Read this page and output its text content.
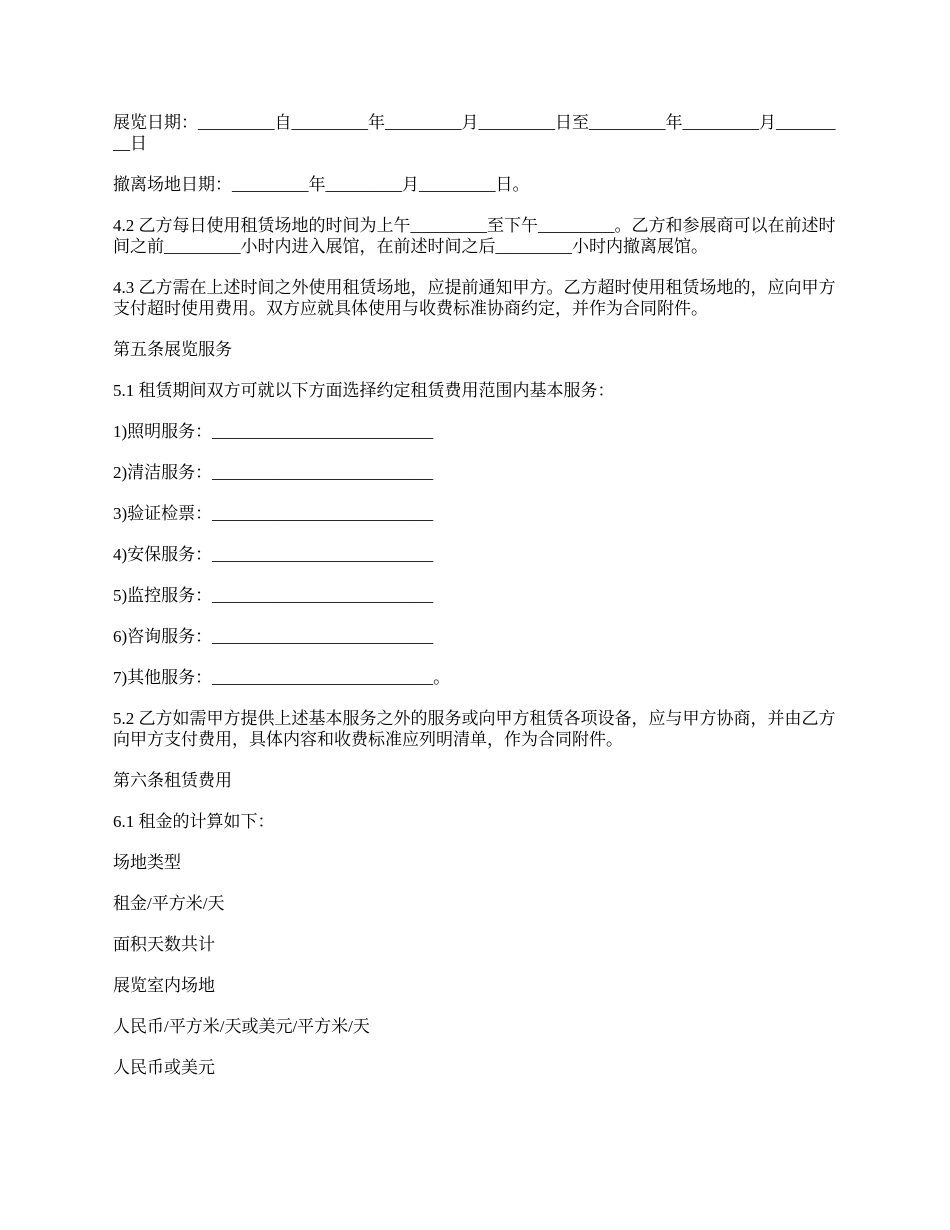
展览日期：_________自_________年_________月_________日至_________年_________月_________日

撤离场地日期：_________年_________月_________日。

4.2 乙方每日使用租赁场地的时间为上午_________至下午_________。乙方和参展商可以在前述时间之前_________小时内进入展馆，在前述时间之后_________小时内撤离展馆。

4.3 乙方需在上述时间之外使用租赁场地，应提前通知甲方。乙方超时使用租赁场地的，应向甲方支付超时使用费用。双方应就具体使用与收费标准协商约定，并作为合同附件。

第五条展览服务

5.1 租赁期间双方可就以下方面选择约定租赁费用范围内基本服务：

1)照明服务：__________________________

2)清洁服务：__________________________

3)验证检票：__________________________

4)安保服务：__________________________

5)监控服务：__________________________

6)咨询服务：__________________________

7)其他服务：__________________________。

5.2 乙方如需甲方提供上述基本服务之外的服务或向甲方租赁各项设备，应与甲方协商，并由乙方向甲方支付费用，具体内容和收费标准应列明清单，作为合同附件。

第六条租赁费用

6.1 租金的计算如下：

场地类型

租金/平方米/天

面积天数共计

展览室内场地

人民币/平方米/天或美元/平方米/天

人民币或美元
